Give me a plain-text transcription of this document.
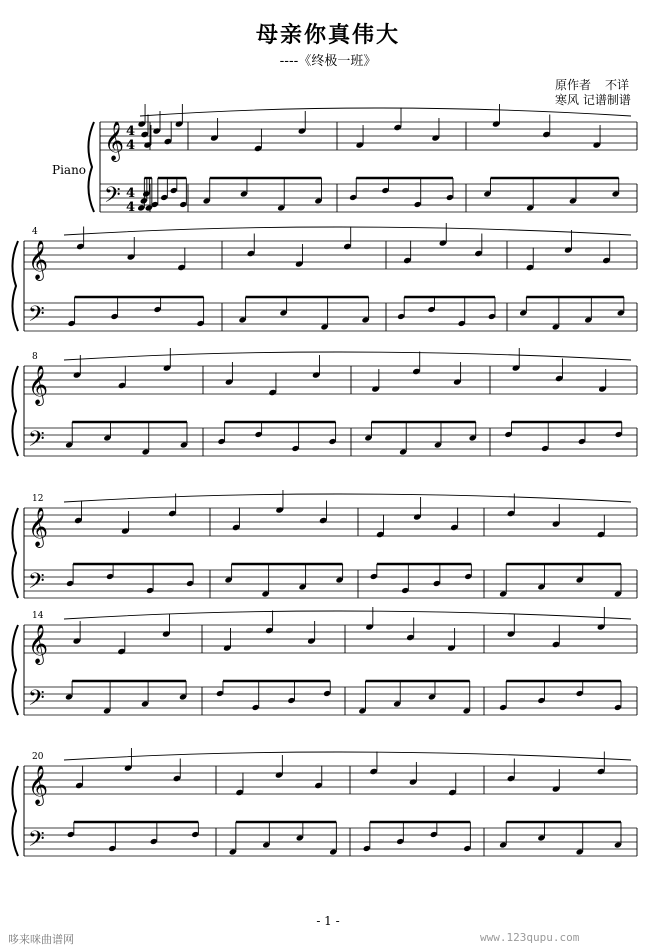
母亲你真伟大
----《终极一班》
原作者 不详
寒风 记谱制谱
Piano
𝄞
𝄢
4
4
4
4
𝄞
𝄢
4
𝄞
𝄢
8
𝄞
𝄢
12
𝄞
𝄢
14
𝄞
𝄢
20
- 1 -
哆来咪曲谱网	www.123qupu.com
